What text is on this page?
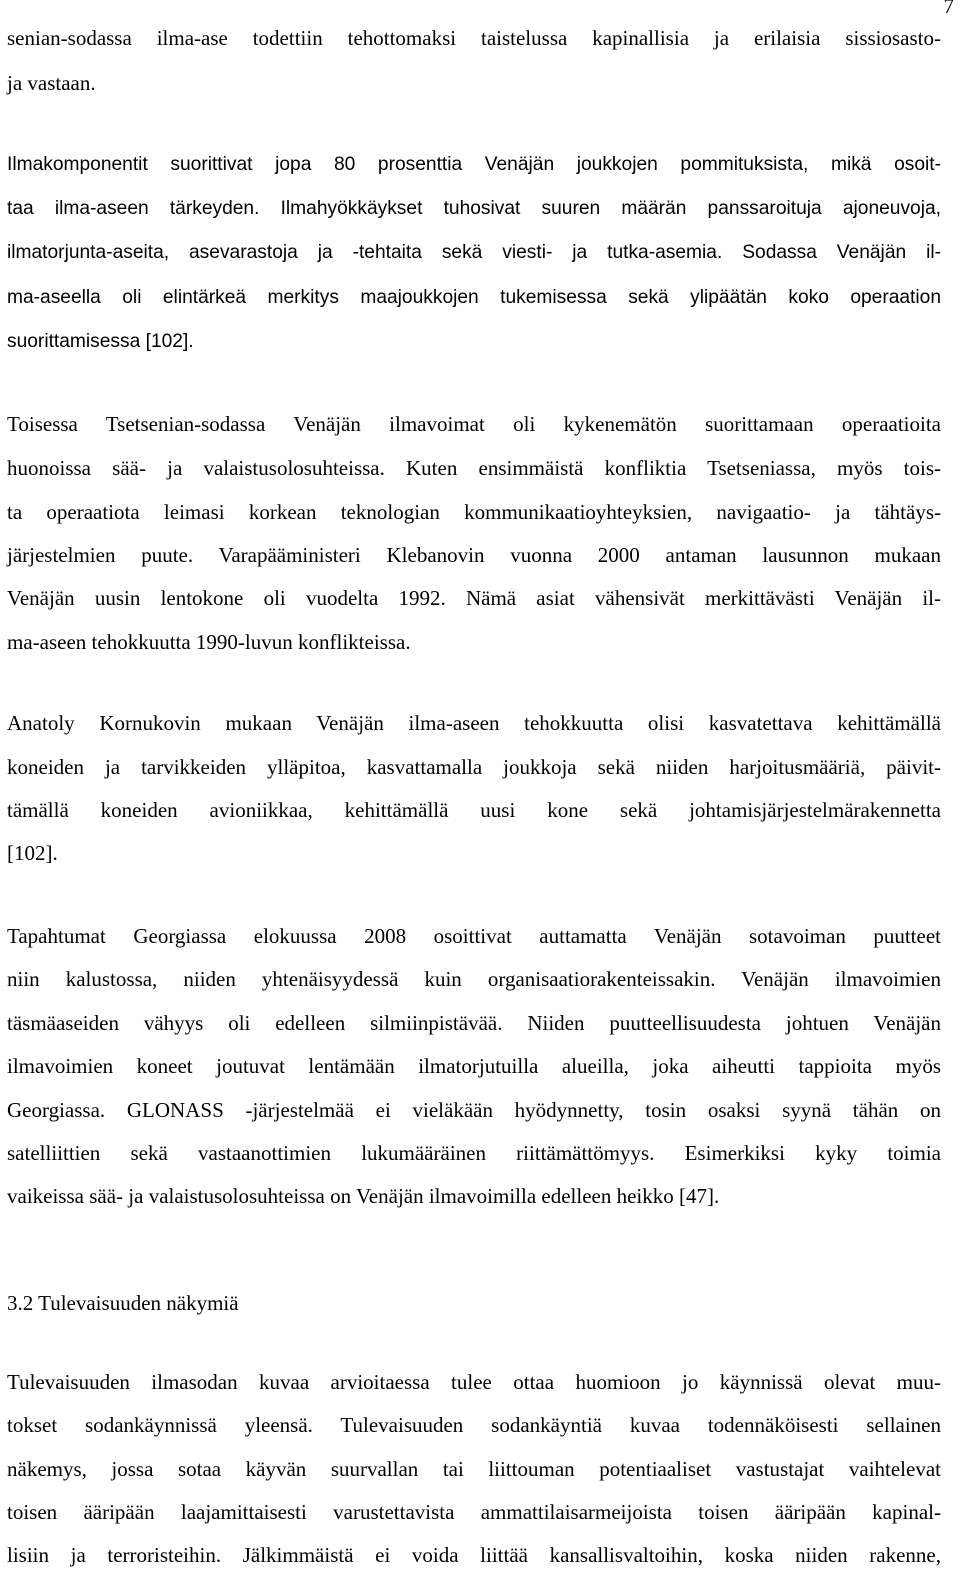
7
senian-sodassa ilma-ase todettiin tehottomaksi taistelussa kapinallisia ja erilaisia sissiosasto-
ja vastaan.
Ilmakomponentit suorittivat jopa 80 prosenttia Venäjän joukkojen pommituksista, mikä osoit-
taa ilma-aseen tärkeyden. Ilmahyökkäykset tuhosivat suuren määrän panssaroituja ajoneuvoja,
ilmatorjunta-aseita, asevarastoja ja -tehtaita sekä viesti- ja tutka-asemia. Sodassa Venäjän il-
ma-aseella oli elintärkeä merkitys maajoukkojen tukemisessa sekä ylipäätän koko operaation
suorittamisessa [102].
Toisessa Tsetsenian-sodassa Venäjän ilmavoimat oli kykenemätön suorittamaan operaatioita
huonoissa sää- ja valaistusolosuhteissa. Kuten ensimmäistä konfliktia Tsetseniassa, myös tois-
ta operaatiota leimasi korkean teknologian kommunikaatioyhteyksien, navigaatio- ja tähtäys-
järjestelmien puute. Varapääministeri Klebanovin vuonna 2000 antaman lausunnon mukaan
Venäjän uusin lentokone oli vuodelta 1992. Nämä asiat vähensivät merkittävästi Venäjän il-
ma-aseen tehokkuutta 1990-luvun konflikteissa.
Anatoly Kornukovin mukaan Venäjän ilma-aseen tehokkuutta olisi kasvatettava kehittämällä
koneiden ja tarvikkeiden ylläpitoa, kasvattamalla joukkoja sekä niiden harjoitusmääriä, päivit-
tämällä koneiden avioniikkaa, kehittämällä uusi kone sekä johtamisjärjestelmärakennetta
[102].
Tapahtumat Georgiassa elokuussa 2008 osoittivat auttamatta Venäjän sotavoiman puutteet
niin kalustossa, niiden yhtenäisyydessä kuin organisaatiorakenteissakin. Venäjän ilmavoimien
täsmäaseiden vähyys oli edelleen silmiinpistävää. Niiden puutteellisuudesta johtuen Venäjän
ilmavoimien koneet joutuvat lentämään ilmatorjutuilla alueilla, joka aiheutti tappioita myös
Georgiassa. GLONASS -järjestelmää ei vieläkään hyödynnetty, tosin osaksi syynä tähän on
satelliittien sekä vastaanottimien lukumääräinen riittämättömyys. Esimerkiksi kyky toimia
vaikeissa sää- ja valaistusolosuhteissa on Venäjän ilmavoimilla edelleen heikko [47].
3.2 Tulevaisuuden näkymiä
Tulevaisuuden ilmasodan kuvaa arvioitaessa tulee ottaa huomioon jo käynnissä olevat muu-
tokset sodankäynnissä yleensä. Tulevaisuuden sodankäyntiä kuvaa todennäköisesti sellainen
näkemys, jossa sotaa käyvän suurvallan tai liittouman potentiaaliset vastustajat vaihtelevat
toisen ääripään laajamittaisesti varustettavista ammattilaisarmeijoista toisen ääripään kapinal-
lisiin ja terroristeihin. Jälkimmäistä ei voida liittää kansallisvaltoihin, koska niiden rakenne,
